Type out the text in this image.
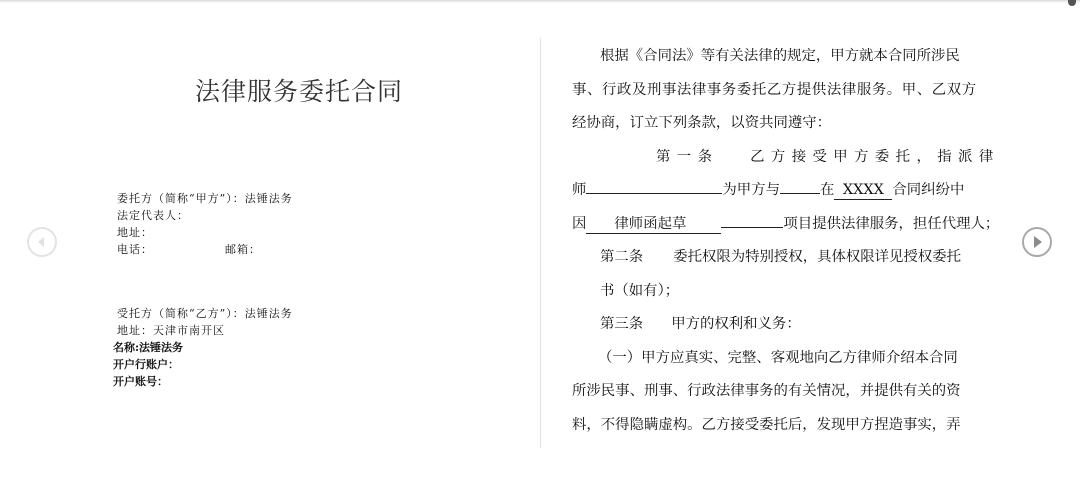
法律服务委托合同
委托方（简称“甲方”）：法锤法务
法定代表人：
地址：
电话：	邮箱：
受托方（简称“乙方”）：法锤法务
地址：天津市南开区
名称:法锤法务
开户行账户：
开户账号：
根据《合同法》等有关法律的规定，甲方就本合同所涉民
事、行政及刑事法律事务委托乙方提供法律服务。甲、乙双方
经协商，订立下列条款，以资共同遵守：
第一条　 乙方接受甲方委托，指派律
师	为甲方与	在 XXXX 合同纠纷中
因 律师函起草	项目提供法律服务，担任代理人；
第二条 委托权限为特别授权，具体权限详见授权委托
书（如有）；
第三条 甲方的权利和义务：
（一）甲方应真实、完整、客观地向乙方律师介绍本合同
所涉民事、刑事、行政法律事务的有关情况，并提供有关的资
料，不得隐瞒虚构。乙方接受委托后，发现甲方捏造事实，弄
